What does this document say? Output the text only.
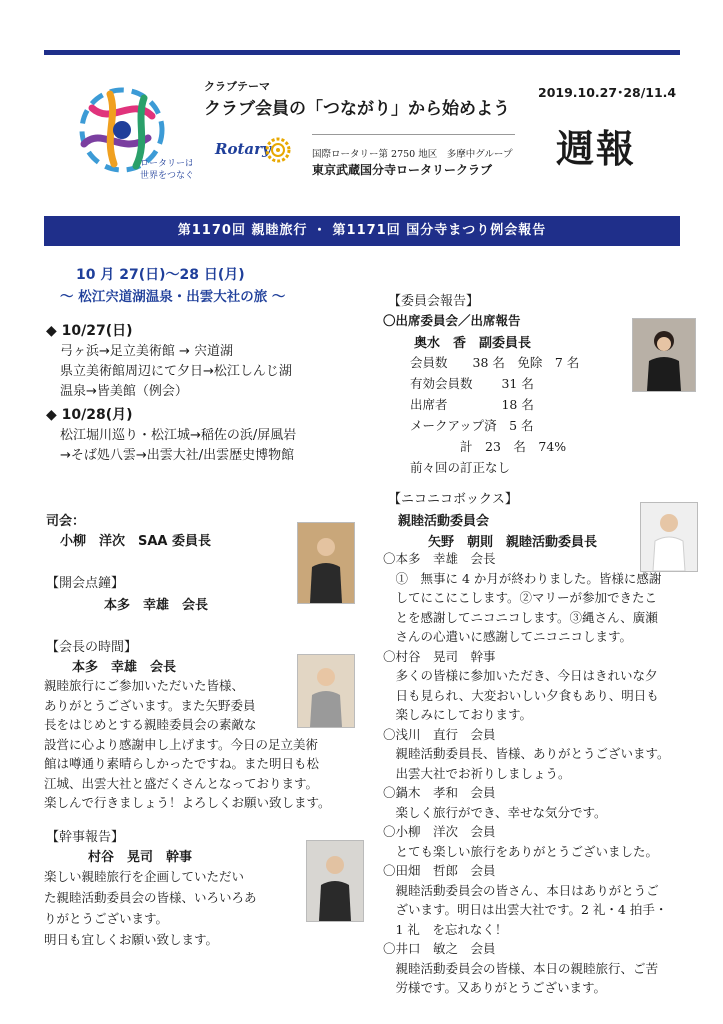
ロータリーは
世界をつなぐ
クラブテーマ
クラブ会員の「つながり」から始めよう
2019.10.27･28/11.4
週報
Rotary	国際ロータリー第 2750 地区　多摩中グループ
東京武蔵国分寺ロータリークラブ
第1170回 親睦旅行 ・ 第1171回 国分寺まつり例会報告
10 月 27(日)～28 日(月)
～ 松江宍道湖温泉・出雲大社の旅 ～
◆ 10/27(日)
弓ヶ浜→足立美術館 → 宍道湖
県立美術館周辺にて夕日→松江しんじ湖
温泉→皆美館（例会）
◆ 10/28(月)
松江堀川巡り・松江城→稲佐の浜/屏風岩
→そば処八雲→出雲大社/出雲歴史博物館
司会：
小柳　洋次　SAA 委員長
【開会点鐘】
本多　幸雄　会長
【会長の時間】
本多　幸雄　会長
親睦旅行にご参加いただいた皆様、
ありがとうございます。また矢野委員
長をはじめとする親睦委員会の素敵な
設営に心より感謝申し上げます。今日の足立美術
館は噂通り素晴らしかったですね。また明日も松
江城、出雲大社と盛だくさんとなっております。
楽しんで行きましょう！よろしくお願い致します。
【幹事報告】
村谷　晃司　幹事
楽しい親睦旅行を企画していただい
た親睦活動委員会の皆様、いろいろあ
りがとうございます。
明日も宜しくお願い致します。
【委員会報告】
〇出席委員会／出席報告
奥水　香　副委員長
会員数　　38 名　免除　7 名
有効会員数　　 31 名
出席者　　　　 18 名
メークアップ済　5 名
　　　　計　23　名　74%
前々回の訂正なし
【ニコニコボックス】
親睦活動委員会
矢野　朝則　親睦活動委員長
〇本多　幸雄　会長
　①　無事に 4 か月が終わりました。皆様に感謝
　してにこにこします。②マリーが参加できたこ
　とを感謝してニコニコします。③縄さん、廣瀬
　さんの心遣いに感謝してニコニコします。
〇村谷　晃司　幹事
　多くの皆様に参加いただき、今日はきれいな夕
　日も見られ、大変おいしい夕食もあり、明日も
　楽しみにしております。
〇浅川　直行　会員
　親睦活動委員長、皆様、ありがとうございます。
　出雲大社でお祈りしましょう。
〇鍋木　孝和　会員
　楽しく旅行ができ、幸せな気分です。
〇小柳　洋次　会員
　とても楽しい旅行をありがとうございました。
〇田畑　哲郎　会員
　親睦活動委員会の皆さん、本日はありがとうご
　ざいます。明日は出雲大社です。2 礼・4 拍手・
　1 礼　を忘れなく！
〇井口　敏之　会員
　親睦活動委員会の皆様、本日の親睦旅行、ご苦
　労様です。又ありがとうございます。
